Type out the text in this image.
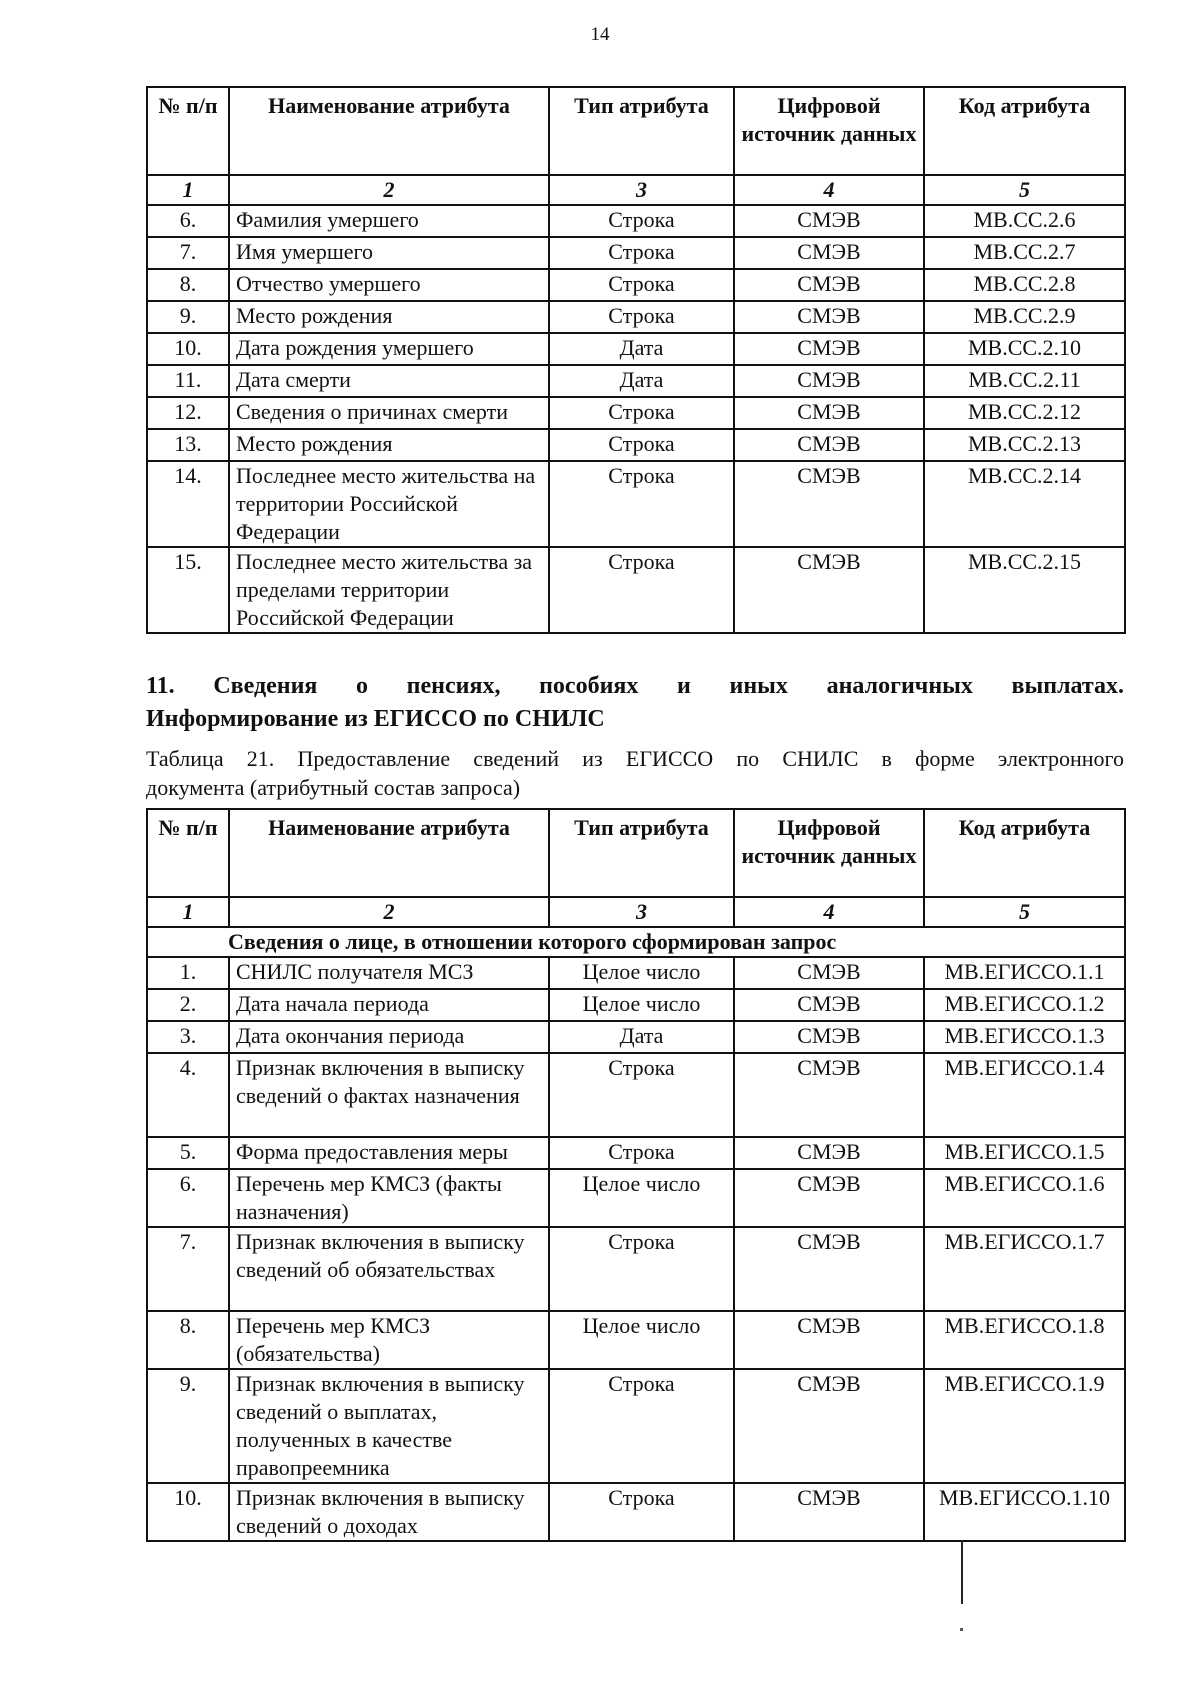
14
№ п/п	Наименование атрибута	Тип атрибута	Цифровой источник данных	Код атрибута
1	2	3	4	5
6.	Фамилия умершего	Строка	СМЭВ	МВ.СС.2.6
7.	Имя умершего	Строка	СМЭВ	МВ.СС.2.7
8.	Отчество умершего	Строка	СМЭВ	МВ.СС.2.8
9.	Место рождения	Строка	СМЭВ	МВ.СС.2.9
10.	Дата рождения умершего	Дата	СМЭВ	МВ.СС.2.10
11.	Дата смерти	Дата	СМЭВ	МВ.СС.2.11
12.	Сведения о причинах смерти	Строка	СМЭВ	МВ.СС.2.12
13.	Место рождения	Строка	СМЭВ	МВ.СС.2.13
14.	Последнее место жительства на территории Российской Федерации	Строка	СМЭВ	МВ.СС.2.14
15.	Последнее место жительства за пределами территории Российской Федерации	Строка	СМЭВ	МВ.СС.2.15
11. Сведения о пенсиях, пособиях и иных аналогичных выплатах.
Информирование из ЕГИССО по СНИЛС
Таблица 21. Предоставление сведений из ЕГИССО по СНИЛС в форме электронного
документа (атрибутный состав запроса)
№ п/п	Наименование атрибута	Тип атрибута	Цифровой источник данных	Код атрибута
1	2	3	4	5
Сведения о лице, в отношении которого сформирован запрос				
1.	СНИЛС получателя МСЗ	Целое число	СМЭВ	МВ.ЕГИССО.1.1
2.	Дата начала периода	Целое число	СМЭВ	МВ.ЕГИССО.1.2
3.	Дата окончания периода	Дата	СМЭВ	МВ.ЕГИССО.1.3
4.	Признак включения в выписку сведений о фактах назначения	Строка	СМЭВ	МВ.ЕГИССО.1.4
5.	Форма предоставления меры	Строка	СМЭВ	МВ.ЕГИССО.1.5
6.	Перечень мер КМСЗ (факты назначения)	Целое число	СМЭВ	МВ.ЕГИССО.1.6
7.	Признак включения в выписку сведений об обязательствах	Строка	СМЭВ	МВ.ЕГИССО.1.7
8.	Перечень мер КМСЗ (обязательства)	Целое число	СМЭВ	МВ.ЕГИССО.1.8
9.	Признак включения в выписку сведений о выплатах, полученных в качестве правопреемника	Строка	СМЭВ	МВ.ЕГИССО.1.9
10.	Признак включения в выписку сведений о доходах	Строка	СМЭВ	МВ.ЕГИССО.1.10
